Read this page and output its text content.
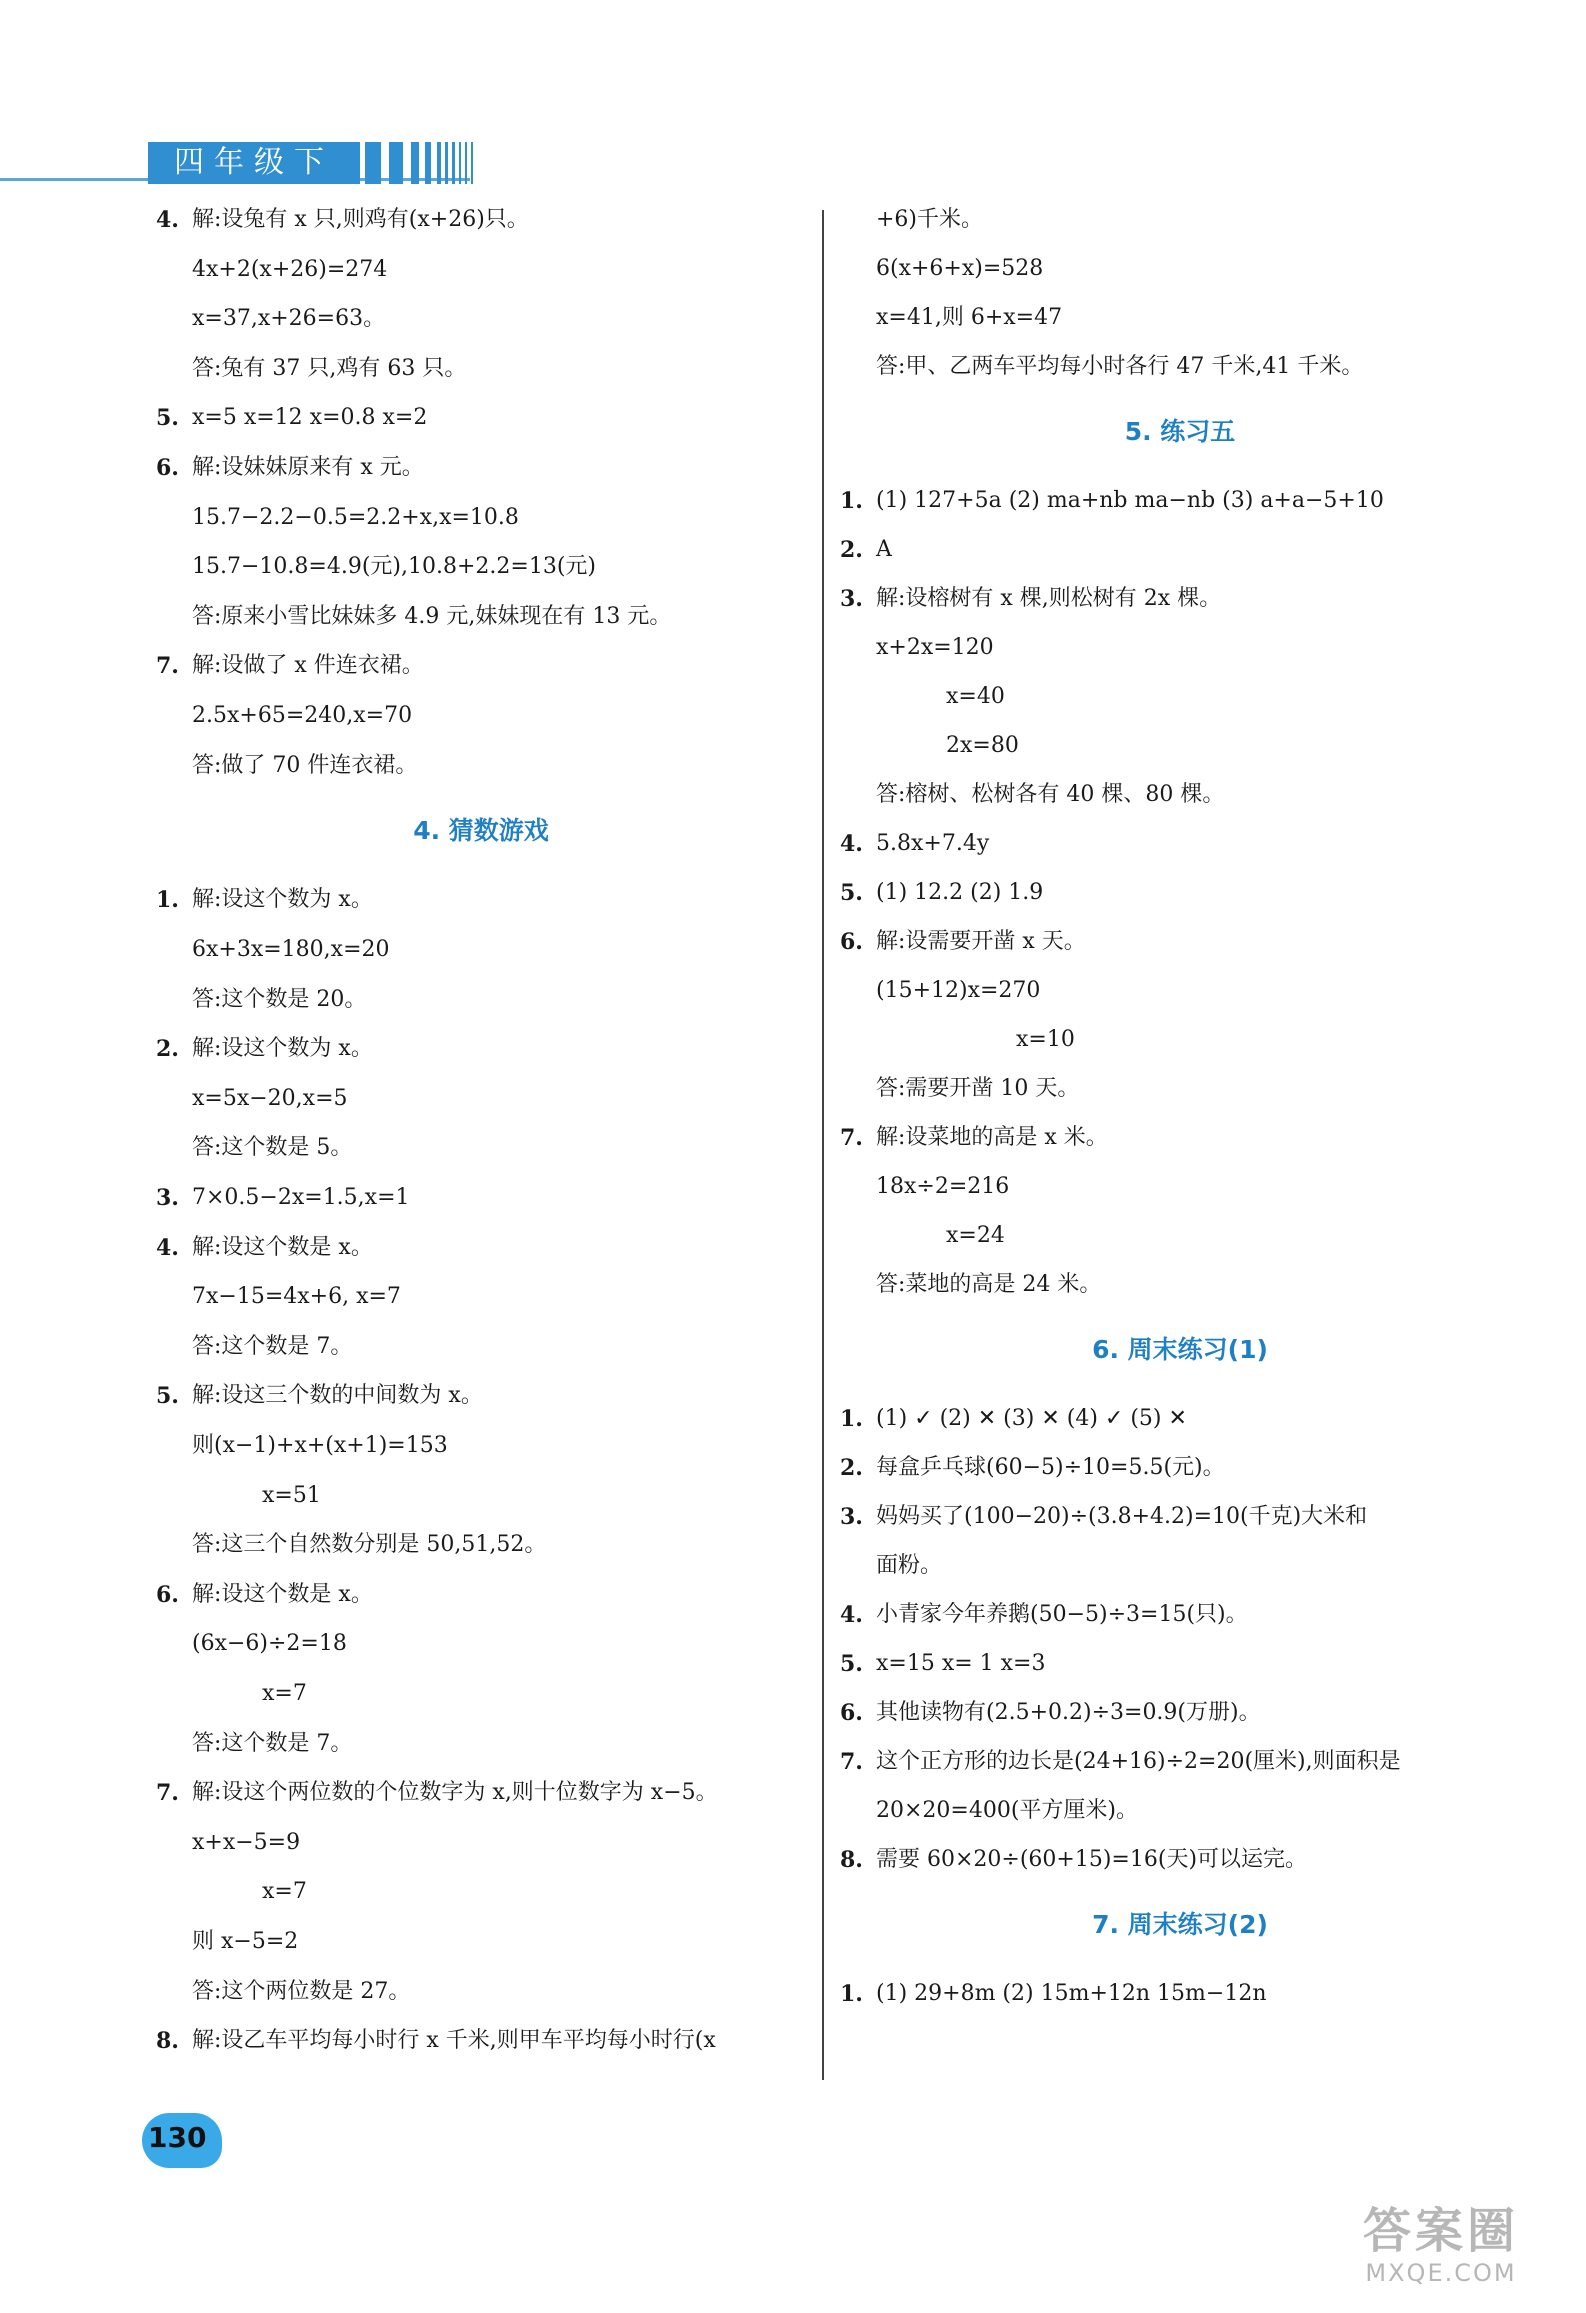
四年级下
4. 解:设兔有 x 只,则鸡有(x+26)只。
4x+2(x+26)=274
x=37,x+26=63。
答:兔有 37 只,鸡有 63 只。
5. x=5 x=12 x=0.8 x=2
6. 解:设妹妹原来有 x 元。
15.7−2.2−0.5=2.2+x,x=10.8
15.7−10.8=4.9(元),10.8+2.2=13(元)
答:原来小雪比妹妹多 4.9 元,妹妹现在有 13 元。
7. 解:设做了 x 件连衣裙。
2.5x+65=240,x=70
答:做了 70 件连衣裙。
4. 猜数游戏
1. 解:设这个数为 x。
6x+3x=180,x=20
答:这个数是 20。
2. 解:设这个数为 x。
x=5x−20,x=5
答:这个数是 5。
3. 7×0.5−2x=1.5,x=1
4. 解:设这个数是 x。
7x−15=4x+6, x=7
答:这个数是 7。
5. 解:设这三个数的中间数为 x。
则(x−1)+x+(x+1)=153
x=51
答:这三个自然数分别是 50,51,52。
6. 解:设这个数是 x。
(6x−6)÷2=18
x=7
答:这个数是 7。
7. 解:设这个两位数的个位数字为 x,则十位数字为 x−5。
x+x−5=9
x=7
则 x−5=2
答:这个两位数是 27。
8. 解:设乙车平均每小时行 x 千米,则甲车平均每小时行(x
+6)千米。
6(x+6+x)=528
x=41,则 6+x=47
答:甲、乙两车平均每小时各行 47 千米,41 千米。
5. 练习五
1. (1) 127+5a (2) ma+nb ma−nb (3) a+a−5+10
2. A
3. 解:设榕树有 x 棵,则松树有 2x 棵。
x+2x=120
x=40
2x=80
答:榕树、松树各有 40 棵、80 棵。
4. 5.8x+7.4y
5. (1) 12.2 (2) 1.9
6. 解:设需要开凿 x 天。
(15+12)x=270
x=10
答:需要开凿 10 天。
7. 解:设菜地的高是 x 米。
18x÷2=216
x=24
答:菜地的高是 24 米。
6. 周末练习(1)
1. (1) ✓ (2) ✕ (3) ✕ (4) ✓ (5) ✕
2. 每盒乒乓球(60−5)÷10=5.5(元)。
3. 妈妈买了(100−20)÷(3.8+4.2)=10(千克)大米和
面粉。
4. 小青家今年养鹅(50−5)÷3=15(只)。
5. x=15 x= 1 x=3
6. 其他读物有(2.5+0.2)÷3=0.9(万册)。
7. 这个正方形的边长是(24+16)÷2=20(厘米),则面积是
20×20=400(平方厘米)。
8. 需要 60×20÷(60+15)=16(天)可以运完。
7. 周末练习(2)
1. (1) 29+8m (2) 15m+12n 15m−12n
130
答案圈
MXQE.COM
